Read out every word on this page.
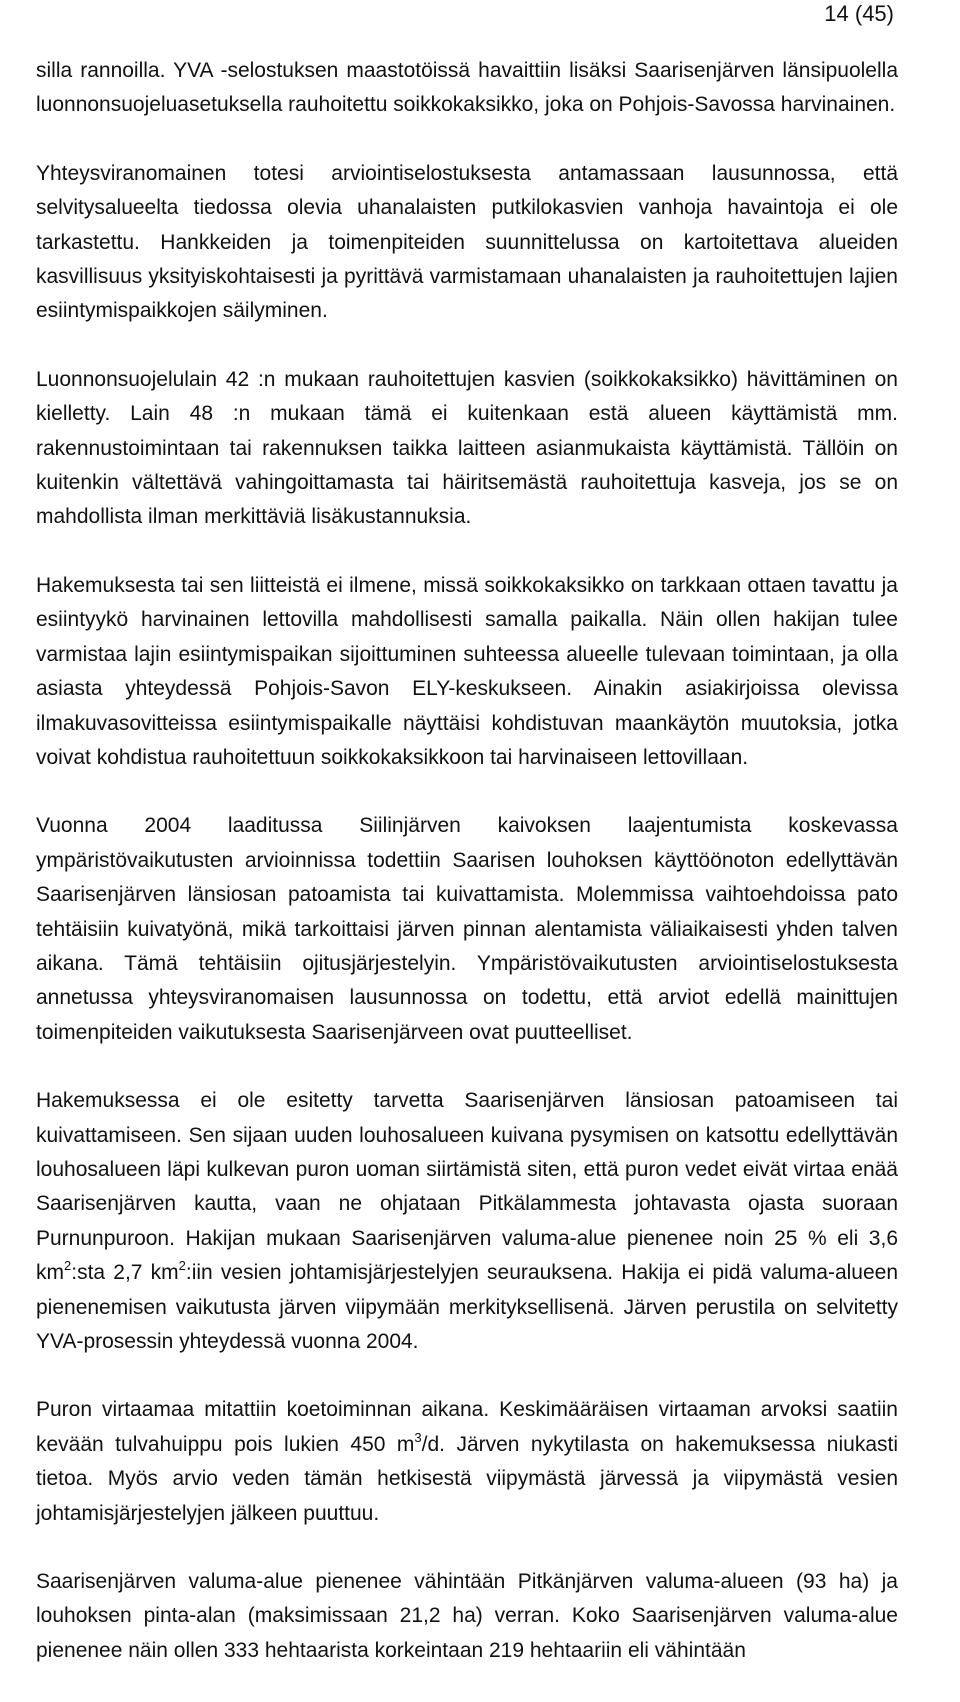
14 (45)

silla rannoilla. YVA -selostuksen maastotöissä havaittiin lisäksi Saarisenjärven länsipuolella luonnonsuojeluasetuksella rauhoitettu soikkokaksikko, joka on Pohjois-Savossa harvinainen.

Yhteysviranomainen totesi arviointiselostuksesta antamassaan lausunnossa, että selvitysalueelta tiedossa olevia uhanalaisten putkilokasvien vanhoja havaintoja ei ole tarkastettu. Hankkeiden ja toimenpiteiden suunnittelussa on kartoitettava alueiden kasvillisuus yksityiskohtaisesti ja pyrittävä varmistamaan uhanalaisten ja rauhoitettujen lajien esiintymispaikkojen säilyminen.

Luonnonsuojelulain 42 :n mukaan rauhoitettujen kasvien (soikkokaksikko) hävittäminen on kielletty. Lain 48 :n mukaan tämä ei kuitenkaan estä alueen käyttämistä mm. rakennustoimintaan tai rakennuksen taikka laitteen asianmukaista käyttämistä. Tällöin on kuitenkin vältettävä vahingoittamasta tai häiritsemästä rauhoitettuja kasveja, jos se on mahdollista ilman merkittäviä lisäkustannuksia.

Hakemuksesta tai sen liitteistä ei ilmene, missä soikkokaksikko on tarkkaan ottaen tavattu ja esiintyykö harvinainen lettovilla mahdollisesti samalla paikalla. Näin ollen hakijan tulee varmistaa lajin esiintymispaikan sijoittuminen suhteessa alueelle tulevaan toimintaan, ja olla asiasta yhteydessä Pohjois-Savon ELY-keskukseen. Ainakin asiakirjoissa olevissa ilmakuvasovitteissa esiintymispaikalle näyttäisi kohdistuvan maankäytön muutoksia, jotka voivat kohdistua rauhoitettuun soikkokaksikkoon tai harvinaiseen lettovillaan.

Vuonna 2004 laaditussa Siilinjärven kaivoksen laajentumista koskevassa ympäristövaikutusten arvioinnissa todettiin Saarisen louhoksen käyttöönoton edellyttävän Saarisenjärven länsiosan patoamista tai kuivattamista. Molemmissa vaihtoehdoissa pato tehtäisiin kuivatyönä, mikä tarkoittaisi järven pinnan alentamista väliaikaisesti yhden talven aikana. Tämä tehtäisiin ojitusjärjestelyin. Ympäristövaikutusten arviointiselostuksesta annetussa yhteysviranomaisen lausunnossa on todettu, että arviot edellä mainittujen toimenpiteiden vaikutuksesta Saarisenjärveen ovat puutteelliset.

Hakemuksessa ei ole esitetty tarvetta Saarisenjärven länsiosan patoamiseen tai kuivattamiseen. Sen sijaan uuden louhosalueen kuivana pysymisen on katsottu edellyttävän louhosalueen läpi kulkevan puron uoman siirtämistä siten, että puron vedet eivät virtaa enää Saarisenjärven kautta, vaan ne ohjataan Pitkälammesta johtavasta ojasta suoraan Purnunpuroon. Hakijan mukaan Saarisenjärven valuma-alue pienenee noin 25 % eli 3,6 $km^2:sta$ 2,7 $km^2:iin$ vesien johtamisjärjestelyjen seurauksena. Hakija ei pidä valuma-alueen pienenemisen vaikutusta järven viipymään merkityksellisenä. Järven perustila on selvitetty YVA-prosessin yhteydessä vuonna 2004.

Puron virtaamaa mitattiin koetoiminnan aikana. Keskimääräisen virtaaman arvoksi saatiin kevään tulvahuippu pois lukien 450 $m^3/d$. Järven nykytilasta on hakemuksessa niukasti tietoa. Myös arvio veden tämän hetkisestä viipymästä järvessä ja viipymästä vesien johtamisjärjestelyjen jälkeen puuttuu.

Saarisenjärven valuma-alue pienenee vähintään Pitkänjärven valuma-alueen (93 ha) ja louhoksen pinta-alan (maksimissaan 21,2 ha) verran. Koko Saarisenjärven valuma-alue pienenee näin ollen 333 hehtaarista korkeintaan 219 hehtaariin eli vähintään
